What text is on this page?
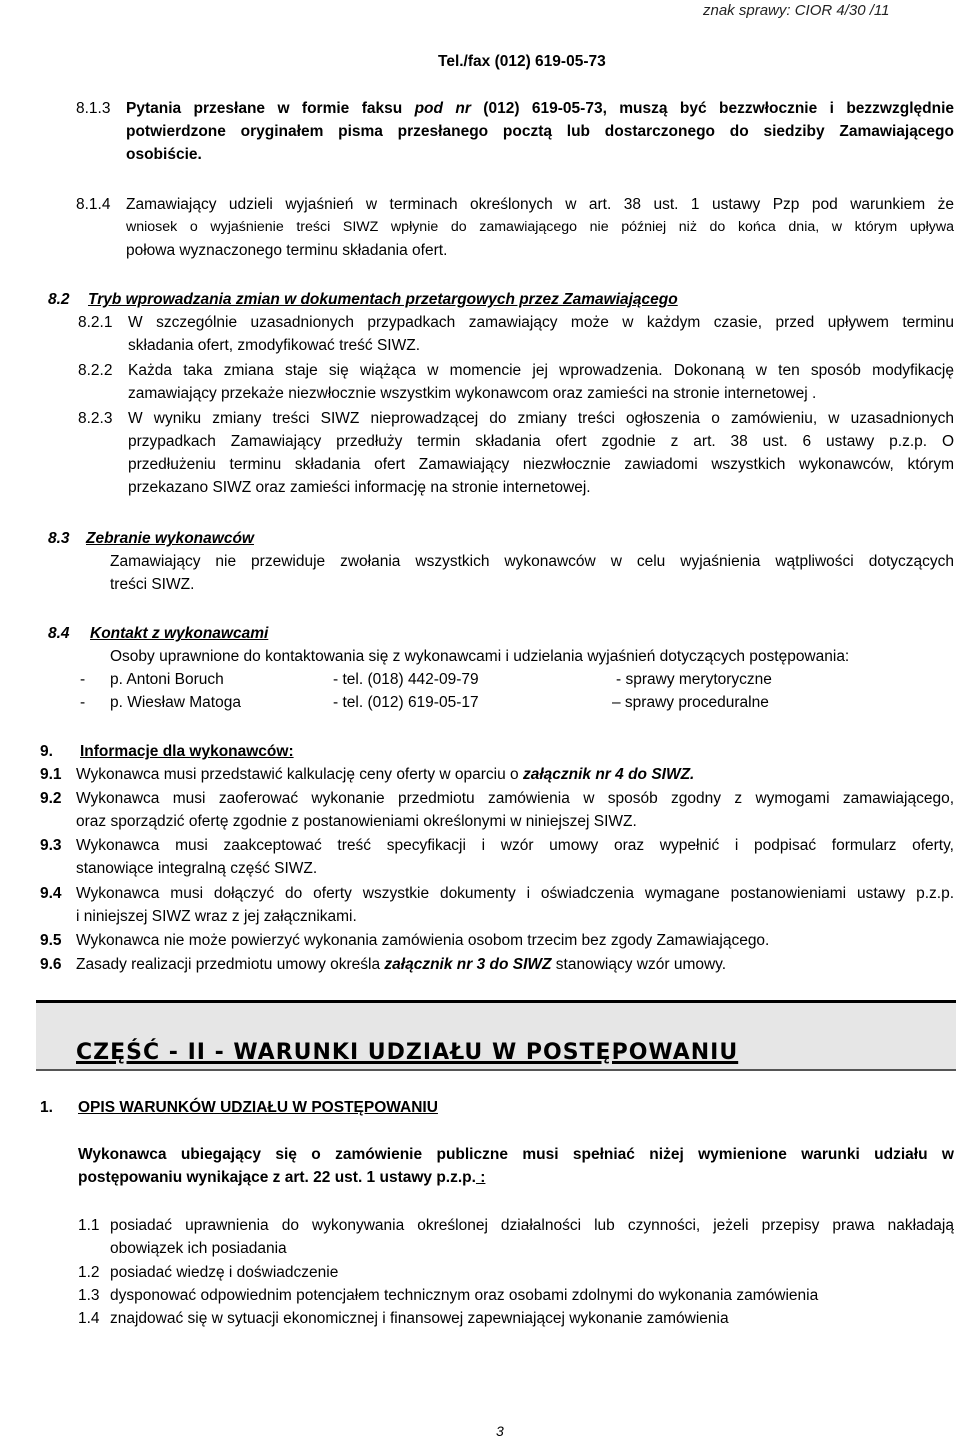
znak sprawy: CIOR 4/30 /11
Tel./fax (012) 619-05-73
8.1.3 Pytania przesłane w formie faksu pod nr (012) 619-05-73, muszą być bezzwłocznie i bezzwzględnie
potwierdzone oryginałem pisma przesłanego pocztą lub dostarczonego do siedziby Zamawiającego
osobiście.
8.1.4 Zamawiający udzieli wyjaśnień w terminach określonych w art. 38 ust. 1 ustawy Pzp pod warunkiem że
wniosek o wyjaśnienie treści SIWZ wpłynie do zamawiającego nie później niż do końca dnia, w którym upływa
połowa wyznaczonego terminu składania ofert.
8.2 Tryb wprowadzania zmian w dokumentach przetargowych przez Zamawiającego
8.2.1 W szczególnie uzasadnionych przypadkach zamawiający może w każdym czasie, przed upływem terminu
składania ofert, zmodyfikować treść SIWZ.
8.2.2 Każda taka zmiana staje się wiążąca w momencie jej wprowadzenia. Dokonaną w ten sposób modyfikację
zamawiający przekaże niezwłocznie wszystkim wykonawcom oraz zamieści na stronie internetowej .
8.2.3 W wyniku zmiany treści SIWZ nieprowadzącej do zmiany treści ogłoszenia o zamówieniu, w uzasadnionych
przypadkach Zamawiający przedłuży termin składania ofert zgodnie z art. 38 ust. 6 ustawy p.z.p. O
przedłużeniu terminu składania ofert Zamawiający niezwłocznie zawiadomi wszystkich wykonawców, którym
przekazano SIWZ oraz zamieści informację na stronie internetowej.
8.3 Zebranie wykonawców
Zamawiający nie przewiduje zwołania wszystkich wykonawców w celu wyjaśnienia wątpliwości dotyczących
treści SIWZ.
8.4 Kontakt z wykonawcami
Osoby uprawnione do kontaktowania się z wykonawcami i udzielania wyjaśnień dotyczących postępowania:
- p. Antoni Boruch	- tel. (018) 442-09-79	- sprawy merytoryczne
- p. Wiesław Matoga	- tel. (012) 619-05-17	– sprawy proceduralne
9. Informacje dla wykonawców:
9.1 Wykonawca musi przedstawić kalkulację ceny oferty w oparciu o załącznik nr 4 do SIWZ.
9.2 Wykonawca musi zaoferować wykonanie przedmiotu zamówienia w sposób zgodny z wymogami zamawiającego,
oraz sporządzić ofertę zgodnie z postanowieniami określonymi w niniejszej SIWZ.
9.3 Wykonawca musi zaakceptować treść specyfikacji i wzór umowy oraz wypełnić i podpisać formularz oferty,
stanowiące integralną część SIWZ.
9.4 Wykonawca musi dołączyć do oferty wszystkie dokumenty i oświadczenia wymagane postanowieniami ustawy p.z.p.
i niniejszej SIWZ wraz z jej załącznikami.
9.5 Wykonawca nie może powierzyć wykonania zamówienia osobom trzecim bez zgody Zamawiającego.
9.6 Zasady realizacji przedmiotu umowy określa załącznik nr 3 do SIWZ stanowiący wzór umowy.
CZĘŚĆ - II - WARUNKI UDZIAŁU W POSTĘPOWANIU
1. OPIS WARUNKÓW UDZIAŁU W POSTĘPOWANIU
Wykonawca ubiegający się o zamówienie publiczne musi spełniać niżej wymienione warunki udziału w
postępowaniu wynikające z art. 22 ust. 1 ustawy p.z.p. :
1.1 posiadać uprawnienia do wykonywania określonej działalności lub czynności, jeżeli przepisy prawa nakładają
obowiązek ich posiadania
1.2 posiadać wiedzę i doświadczenie
1.3 dysponować odpowiednim potencjałem technicznym oraz osobami zdolnymi do wykonania zamówienia
1.4 znajdować się w sytuacji ekonomicznej i finansowej zapewniającej wykonanie zamówienia
3
